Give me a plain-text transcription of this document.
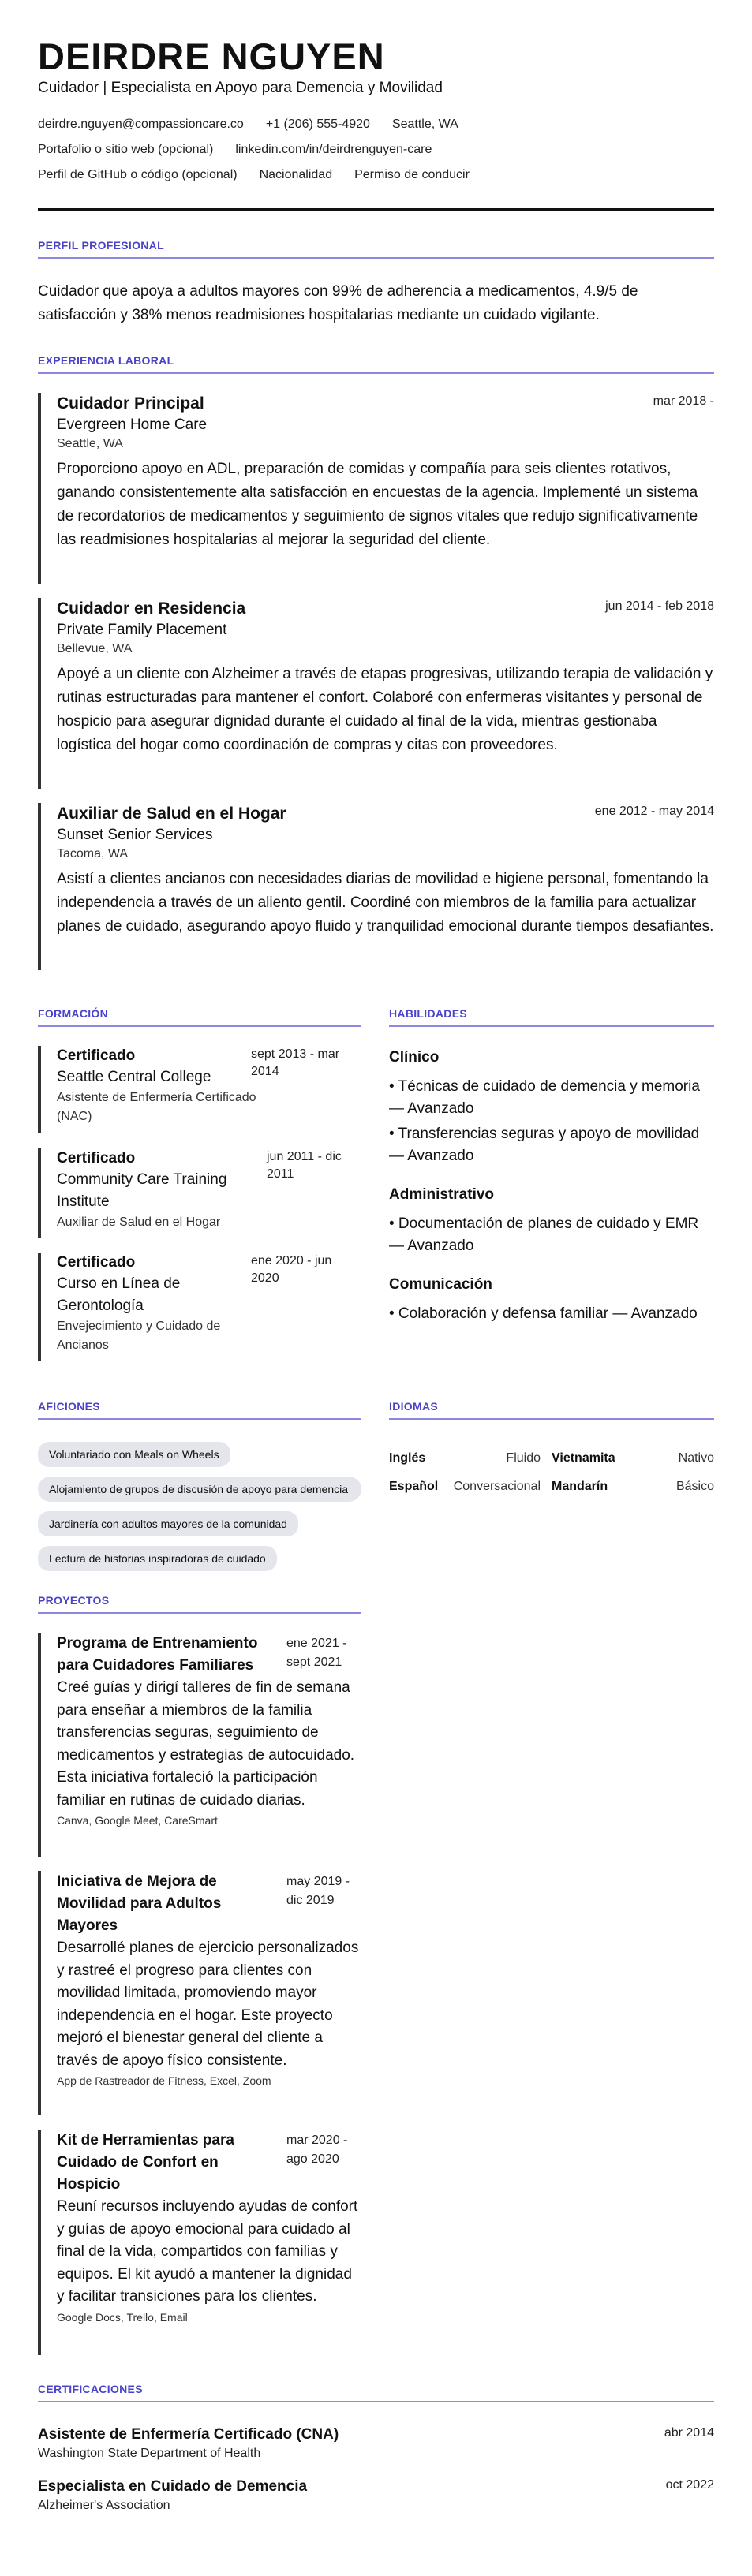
DEIRDRE NGUYEN
Cuidador | Especialista en Apoyo para Demencia y Movilidad
deirdre.nguyen@compassioncare.co +1 (206) 555-4920 Seattle, WA
Portafolio o sitio web (opcional) linkedin.com/in/deirdrenguyen-care
Perfil de GitHub o código (opcional) Nacionalidad Permiso de conducir
PERFIL PROFESIONAL

Cuidador que apoya a adultos mayores con 99% de adherencia a medicamentos, 4.9/5 de satisfacción y 38% menos readmisiones hospitalarias mediante un cuidado vigilante.

EXPERIENCIA LABORAL
Cuidador Principal	mar 2018 -
Evergreen Home Care
Seattle, WA
Proporciono apoyo en ADL, preparación de comidas y compañía para seis clientes rotativos, ganando consistentemente alta satisfacción en encuestas de la agencia. Implementé un sistema de recordatorios de medicamentos y seguimiento de signos vitales que redujo significativamente las readmisiones hospitalarias al mejorar la seguridad del cliente.
Cuidador en Residencia	jun 2014 - feb 2018
Private Family Placement
Bellevue, WA
Apoyé a un cliente con Alzheimer a través de etapas progresivas, utilizando terapia de validación y rutinas estructuradas para mantener el confort. Colaboré con enfermeras visitantes y personal de hospicio para asegurar dignidad durante el cuidado al final de la vida, mientras gestionaba logística del hogar como coordinación de compras y citas con proveedores.
Auxiliar de Salud en el Hogar	ene 2012 - may 2014
Sunset Senior Services
Tacoma, WA
Asistí a clientes ancianos con necesidades diarias de movilidad e higiene personal, fomentando la independencia a través de un aliento gentil. Coordiné con miembros de la familia para actualizar planes de cuidado, asegurando apoyo fluido y tranquilidad emocional durante tiempos desafiantes.
FORMACIÓN
Certificado
Seattle Central College
Asistente de Enfermería Certificado (NAC)
sept 2013 - mar 2014
Certificado
Community Care Training Institute
Auxiliar de Salud en el Hogar
jun 2011 - dic 2011
Certificado
Curso en Línea de Gerontología
Envejecimiento y Cuidado de Ancianos
ene 2020 - jun 2020
HABILIDADES
Clínico
• Técnicas de cuidado de demencia y memoria — Avanzado
• Transferencias seguras y apoyo de movilidad — Avanzado
Administrativo
• Documentación de planes de cuidado y EMR — Avanzado
Comunicación
• Colaboración y defensa familiar — Avanzado
AFICIONES
Voluntariado con Meals on Wheels
Alojamiento de grupos de discusión de apoyo para demencia
Jardinería con adultos mayores de la comunidad
Lectura de historias inspiradoras de cuidado
IDIOMAS
Inglés	Fluido Vietnamita	Nativo
Español Conversacional Mandarín	Básico
PROYECTOS
Programa de Entrenamiento para Cuidadores Familiares
ene 2021 - sept 2021
Creé guías y dirigí talleres de fin de semana para enseñar a miembros de la familia transferencias seguras, seguimiento de medicamentos y estrategias de autocuidado. Esta iniciativa fortaleció la participación familiar en rutinas de cuidado diarias.
Canva, Google Meet, CareSmart
Iniciativa de Mejora de Movilidad para Adultos Mayores
may 2019 - dic 2019
Desarrollé planes de ejercicio personalizados y rastreé el progreso para clientes con movilidad limitada, promoviendo mayor independencia en el hogar. Este proyecto mejoró el bienestar general del cliente a través de apoyo físico consistente.
App de Rastreador de Fitness, Excel, Zoom
Kit de Herramientas para Cuidado de Confort en Hospicio
mar 2020 - ago 2020
Reuní recursos incluyendo ayudas de confort y guías de apoyo emocional para cuidado al final de la vida, compartidos con familias y equipos. El kit ayudó a mantener la dignidad y facilitar transiciones para los clientes.
Google Docs, Trello, Email
CERTIFICACIONES
Asistente de Enfermería Certificado (CNA)
Washington State Department of Health
abr 2014
Especialista en Cuidado de Demencia
Alzheimer's Association
oct 2022
